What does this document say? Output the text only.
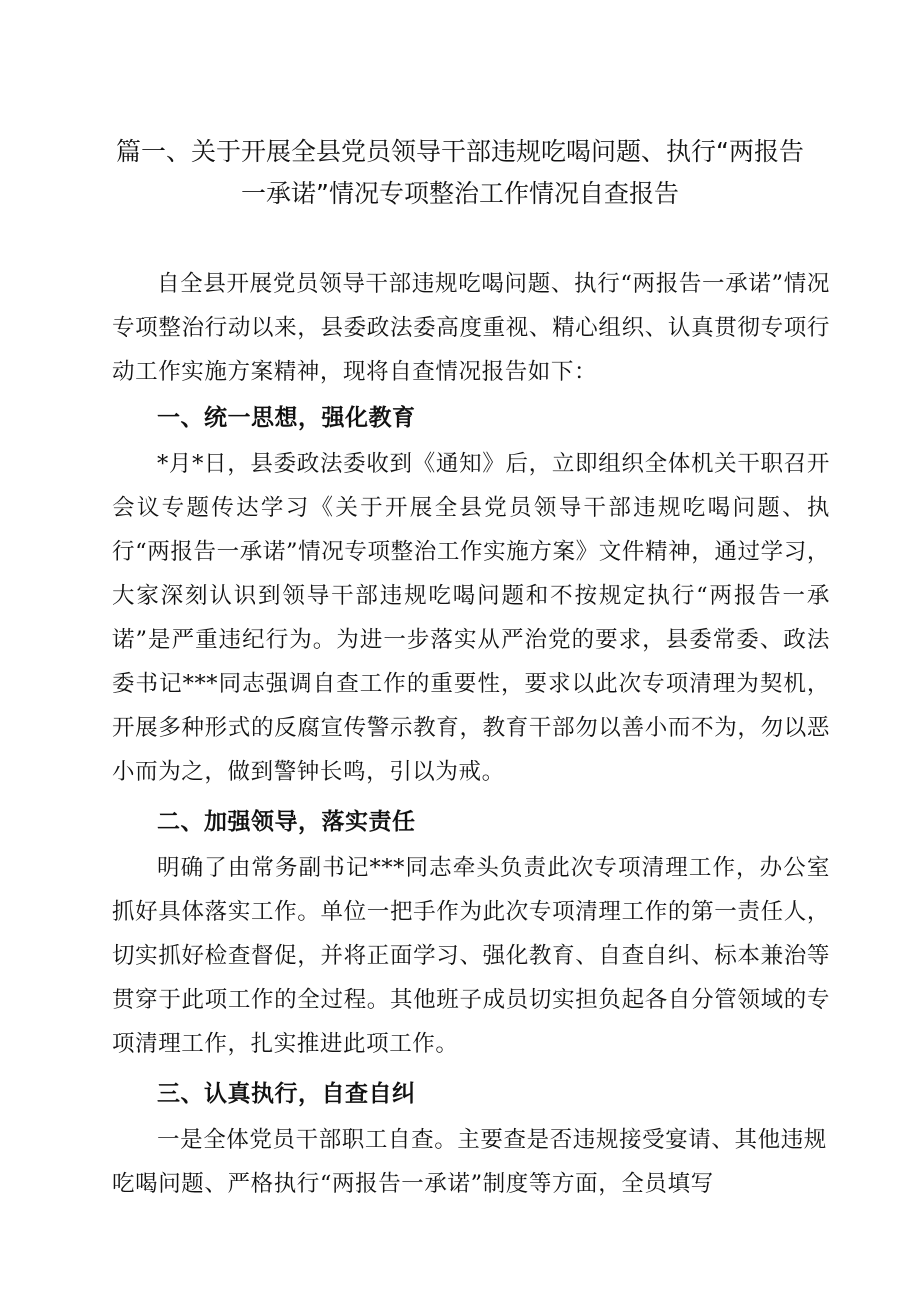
篇一、关于开展全县党员领导干部违规吃喝问题、执行“两报告
一承诺”情况专项整治工作情况自查报告

自全县开展党员领导干部违规吃喝问题、执行“两报告一承诺”情况专项整治行动以来，县委政法委高度重视、精心组织、认真贯彻专项行动工作实施方案精神，现将自查情况报告如下：

一、统一思想，强化教育

*月*日，县委政法委收到《通知》后，立即组织全体机关干职召开会议专题传达学习《关于开展全县党员领导干部违规吃喝问题、执行“两报告一承诺”情况专项整治工作实施方案》文件精神，通过学习，大家深刻认识到领导干部违规吃喝问题和不按规定执行“两报告一承诺”是严重违纪行为。为进一步落实从严治党的要求，县委常委、政法委书记***同志强调自查工作的重要性，要求以此次专项清理为契机，开展多种形式的反腐宣传警示教育，教育干部勿以善小而不为，勿以恶小而为之，做到警钟长鸣，引以为戒。

二、加强领导，落实责任

明确了由常务副书记***同志牵头负责此次专项清理工作，办公室抓好具体落实工作。单位一把手作为此次专项清理工作的第一责任人，切实抓好检查督促，并将正面学习、强化教育、自查自纠、标本兼治等贯穿于此项工作的全过程。其他班子成员切实担负起各自分管领域的专项清理工作，扎实推进此项工作。

三、认真执行，自查自纠

一是全体党员干部职工自查。主要查是否违规接受宴请、其他违规吃喝问题、严格执行“两报告一承诺”制度等方面，全员填写
